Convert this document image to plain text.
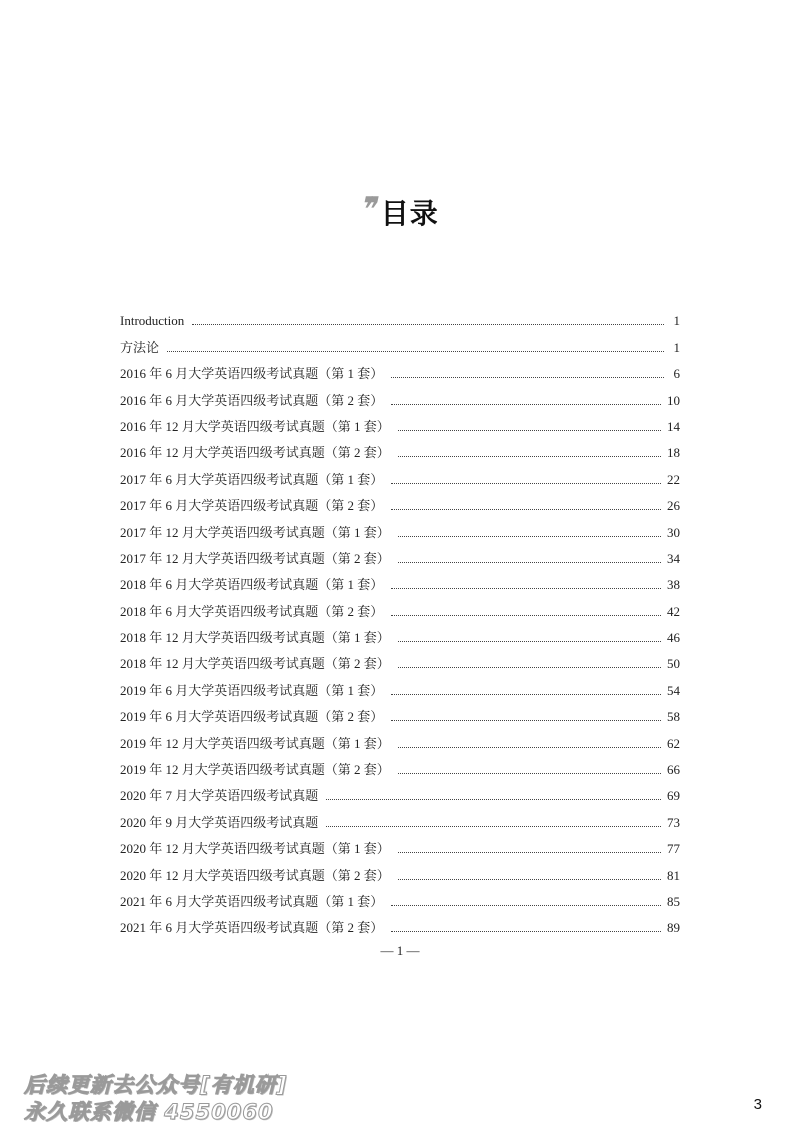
❜❜ 目录
Introduction	1
方法论	1
2016 年 6 月大学英语四级考试真题（第 1 套）	6
2016 年 6 月大学英语四级考试真题（第 2 套）	10
2016 年 12 月大学英语四级考试真题（第 1 套）	14
2016 年 12 月大学英语四级考试真题（第 2 套）	18
2017 年 6 月大学英语四级考试真题（第 1 套）	22
2017 年 6 月大学英语四级考试真题（第 2 套）	26
2017 年 12 月大学英语四级考试真题（第 1 套）	30
2017 年 12 月大学英语四级考试真题（第 2 套）	34
2018 年 6 月大学英语四级考试真题（第 1 套）	38
2018 年 6 月大学英语四级考试真题（第 2 套）	42
2018 年 12 月大学英语四级考试真题（第 1 套）	46
2018 年 12 月大学英语四级考试真题（第 2 套）	50
2019 年 6 月大学英语四级考试真题（第 1 套）	54
2019 年 6 月大学英语四级考试真题（第 2 套）	58
2019 年 12 月大学英语四级考试真题（第 1 套）	62
2019 年 12 月大学英语四级考试真题（第 2 套）	66
2020 年 7 月大学英语四级考试真题	69
2020 年 9 月大学英语四级考试真题	73
2020 年 12 月大学英语四级考试真题（第 1 套）	77
2020 年 12 月大学英语四级考试真题（第 2 套）	81
2021 年 6 月大学英语四级考试真题（第 1 套）	85
2021 年 6 月大学英语四级考试真题（第 2 套）	89
— 1 —
后续更新去公众号[有机研]
永久联系微信 4550060	3
